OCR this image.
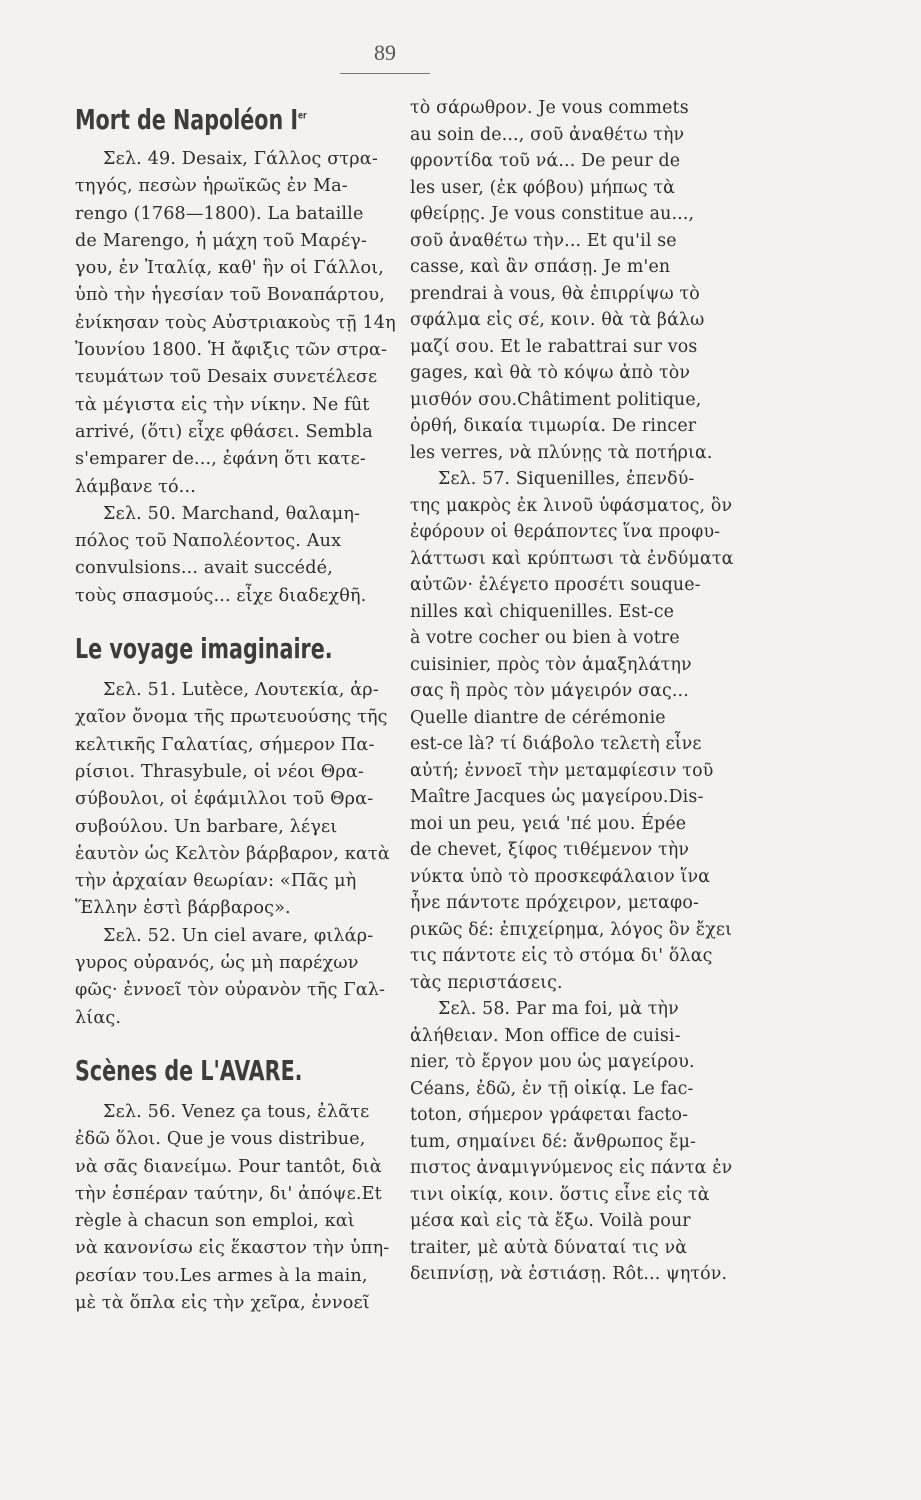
89
Mort de Napoléon Ier
Σελ. 49. Desaix, Γάλλος στρα-
τηγός, πεσὼν ἡρωϊκῶς ἐν Ma-
rengo (1768—1800). La bataille
de Marengo, ἡ μάχη τοῦ Μαρέγ-
γου, ἐν Ἰταλίᾳ, καθ' ἣν οἱ Γάλλοι,
ὑπὸ τὴν ἡγεσίαν τοῦ Βοναπάρτου,
ἐνίκησαν τοὺς Αὐστριακοὺς τῇ 14η
Ἰουνίου 1800. Ἡ ἄφιξις τῶν στρα-
τευμάτων τοῦ Desaix συνετέλεσε
τὰ μέγιστα εἰς τὴν νίκην. Ne fût
arrivé, (ὅτι) εἶχε φθάσει. Sembla
s'emparer de..., ἐφάνη ὅτι κατε-
λάμβανε τό...
Σελ. 50. Marchand, θαλαμη-
πόλος τοῦ Ναπολέοντος. Aux
convulsions... avait succédé,
τοὺς σπασμούς... εἶχε διαδεχθῆ.
Le voyage imaginaire.
Σελ. 51. Lutèce, Λουτεκία, ἀρ-
χαῖον ὄνομα τῆς πρωτευούσης τῆς
κελτικῆς Γαλατίας, σήμερον Πα-
ρίσιοι. Thrasybule, οἱ νέοι Θρα-
σύβουλοι, οἱ ἐφάμιλλοι τοῦ Θρα-
συβούλου. Un barbare, λέγει
ἑαυτὸν ὡς Κελτὸν βάρβαρον, κατὰ
τὴν ἀρχαίαν θεωρίαν: «Πᾶς μὴ
Ἕλλην ἐστὶ βάρβαρος».
Σελ. 52. Un ciel avare, φιλάρ-
γυρος οὐρανός, ὡς μὴ παρέχων
φῶς· ἐννοεῖ τὸν οὐρανὸν τῆς Γαλ-
λίας.
Scènes de L'AVARE.
Σελ. 56. Venez ça tous, ἐλᾶτε
ἐδῶ ὅλοι. Que je vous distribue,
νὰ σᾶς διανείμω. Pour tantôt, διὰ
τὴν ἑσπέραν ταύτην, δι' ἀπόψε.Et
règle à chacun son emploi, καὶ
νὰ κανονίσω εἰς ἕκαστον τὴν ὑπη-
ρεσίαν του.Les armes à la main,
μὲ τὰ ὅπλα εἰς τὴν χεῖρα, ἐννοεῖ
τὸ σάρωθρον. Je vous commets
au soin de..., σοῦ ἀναθέτω τὴν
φροντίδα τοῦ νά... De peur de
les user, (ἐκ φόβου) μήπως τὰ
φθείρῃς. Je vous constitue au...,
σοῦ ἀναθέτω τὴν... Et qu'il se
casse, καὶ ἂν σπάσῃ. Je m'en
prendrai à vous, θὰ ἐπιρρίψω τὸ
σφάλμα εἰς σέ, κοιν. θὰ τὰ βάλω
μαζί σου. Et le rabattrai sur vos
gages, καὶ θὰ τὸ κόψω ἀπὸ τὸν
μισθόν σου.Châtiment politique,
ὀρθή, δικαία τιμωρία. De rincer
les verres, νὰ πλύνῃς τὰ ποτήρια.
Σελ. 57. Siquenilles, ἐπενδύ-
της μακρὸς ἐκ λινοῦ ὑφάσματος, ὃν
ἐφόρουν οἱ θεράποντες ἵνα προφυ-
λάττωσι καὶ κρύπτωσι τὰ ἐνδύματα
αὐτῶν· ἐλέγετο προσέτι souque-
nilles καὶ chiquenilles. Est-ce
à votre cocher ou bien à votre
cuisinier, πρὸς τὸν ἁμαξηλάτην
σας ἢ πρὸς τὸν μάγειρόν σας...
Quelle diantre de cérémonie
est-ce là? τί διάβολο τελετὴ εἶνε
αὐτή; ἐννοεῖ τὴν μεταμφίεσιν τοῦ
Maître Jacques ὡς μαγείρου.Dis-
moi un peu, γειά 'πέ μου. Épée
de chevet, ξίφος τιθέμενον τὴν
νύκτα ὑπὸ τὸ προσκεφάλαιον ἵνα
ἦνε πάντοτε πρόχειρον, μεταφο-
ρικῶς δέ: ἐπιχείρημα, λόγος ὃν ἔχει
τις πάντοτε εἰς τὸ στόμα δι' ὅλας
τὰς περιστάσεις.
Σελ. 58. Par ma foi, μὰ τὴν
ἀλήθειαν. Mon office de cuisi-
nier, τὸ ἔργον μου ὡς μαγείρου.
Céans, ἐδῶ, ἐν τῇ οἰκίᾳ. Le fac-
toton, σήμερον γράφεται facto-
tum, σημαίνει δέ: ἄνθρωπος ἔμ-
πιστος ἀναμιγνύμενος εἰς πάντα ἐν
τινι οἰκίᾳ, κοιν. ὅστις εἶνε εἰς τὰ
μέσα καὶ εἰς τὰ ἔξω. Voilà pour
traiter, μὲ αὐτὰ δύναταί τις νὰ
δειπνίσῃ, νὰ ἑστιάσῃ. Rôt... ψητόν.
